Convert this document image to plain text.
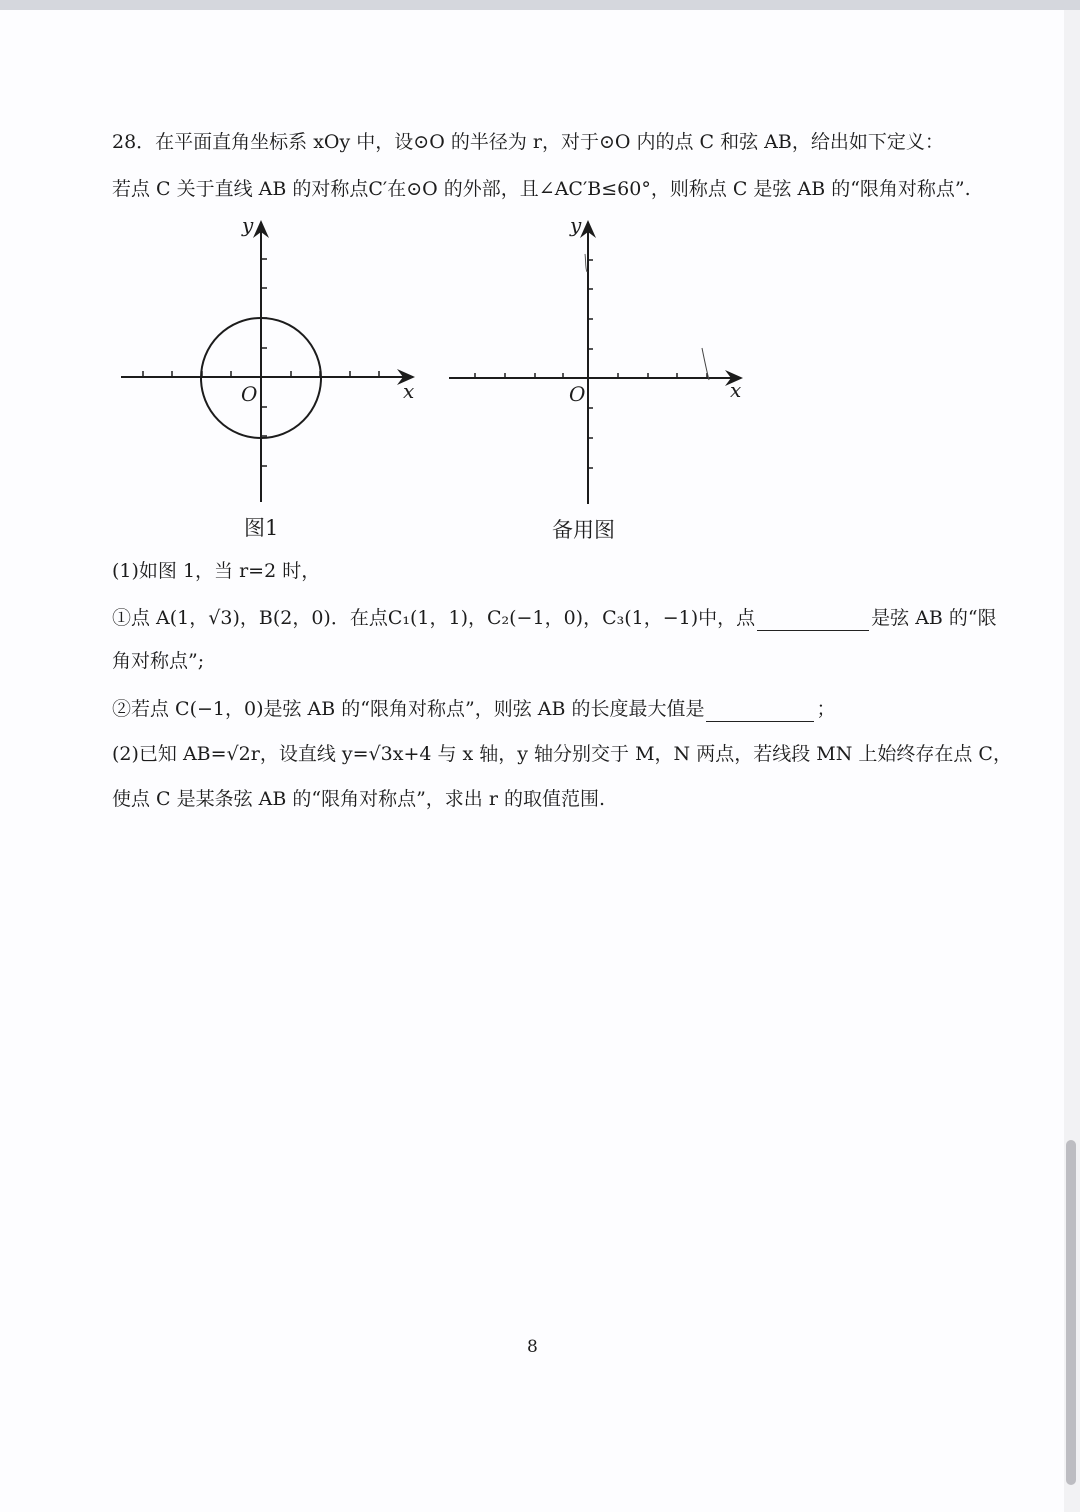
28．在平面直角坐标系 xOy 中，设⊙O 的半径为 r，对于⊙O 内的点 C 和弦 AB，给出如下定义：
若点 C 关于直线 AB 的对称点C′在⊙O 的外部，且∠AC′B≤60°，则称点 C 是弦 AB 的“限角对称点”.
x
y
O
图1
x
y
O
备用图
(1)如图 1，当 r=2 时，
①点 A(1，√3)，B(2，0)．在点C₁(1，1)，C₂(−1，0)，C₃(1，−1)中，点	是弦 AB 的“限
角对称点”;
②若点 C(−1，0)是弦 AB 的“限角对称点”，则弦 AB 的长度最大值是	；
(2)已知 AB=√2r，设直线 y=√3x+4 与 x 轴，y 轴分别交于 M，N 两点，若线段 MN 上始终存在点 C，
使点 C 是某条弦 AB 的“限角对称点”，求出 r 的取值范围.
8
